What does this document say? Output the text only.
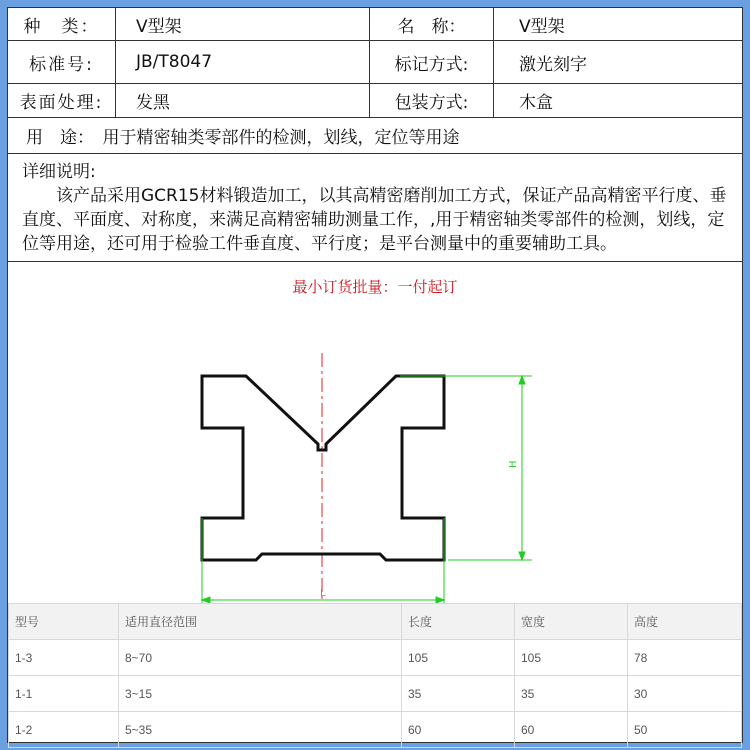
种　类：	V型架	名　称：	V型架
标准号:	JB/T8047	标记方式:	激光刻字
表面处理:	发黑	包装方式:	木盒
用　途：　用于精密轴类零部件的检测，划线，定位等用途
详细说明:
该产品采用GCR15材料锻造加工，以其高精密磨削加工方式，保证产品高精密平行度、垂直度、平面度、对称度，来满足高精密辅助测量工作，,用于精密轴类零部件的检测，划线，定位等用途，还可用于检验工件垂直度、平行度；是平台测量中的重要辅助工具。
最小订货批量：一付起订
H
L
型号	适用直径范围	长度	宽度	高度
1-3	8~70	105	105	78
1-1	3~15	35	35	30
1-2	5~35	60	60	50
